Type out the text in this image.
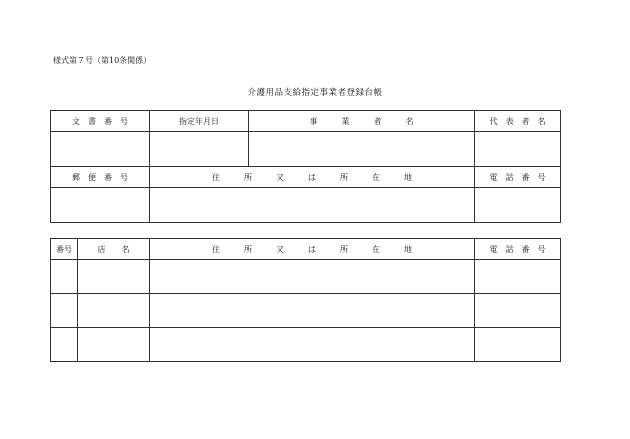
様式第７号（第10条関係）
介護用品支給指定事業者登録台帳
文　書　番　号	指定年月日	事　　　業　　　者　　　名	代　表　者　名

郵　便　番　号	住　　　所　　　又　　　は　　　所　　　在　　　地		電　話　番　号

番号	店　　名	住　　　所　　　又　　　は　　　所　　　在　　　地	電　話　番　号
